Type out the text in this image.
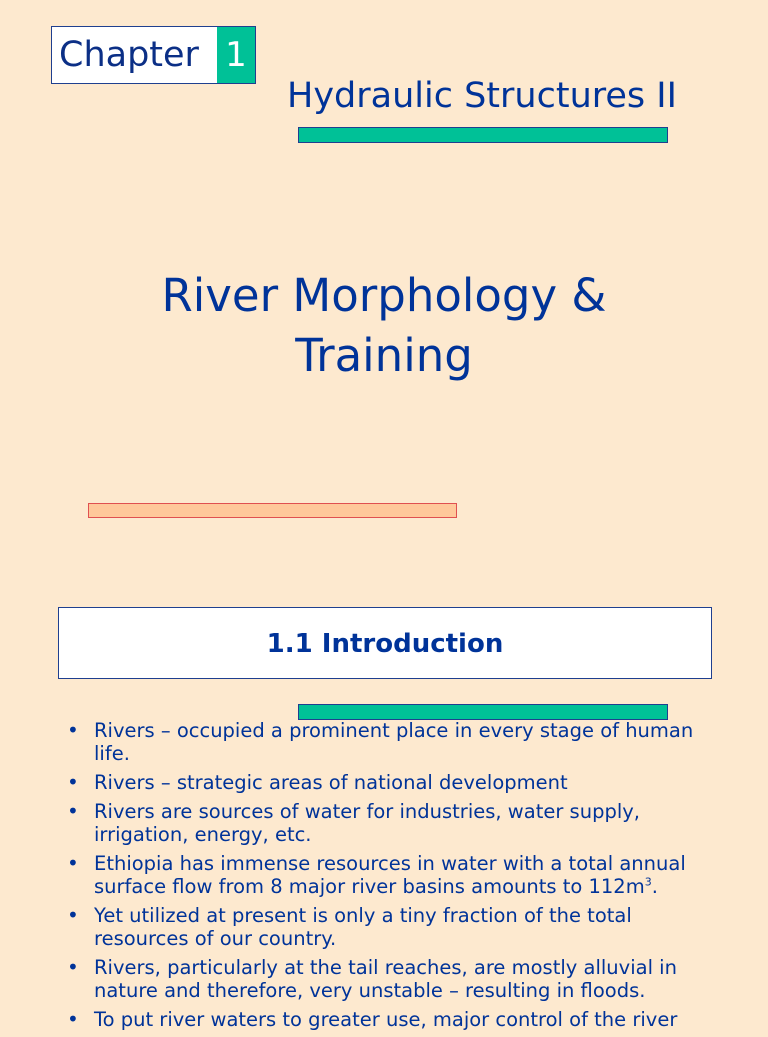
Chapter 1
Hydraulic Structures II
River Morphology &
Training
1.1 Introduction
• Rivers – occupied a prominent place in every stage of human life.
• Rivers – strategic areas of national development
• Rivers are sources of water for industries, water supply, irrigation, energy, etc.
• Ethiopia has immense resources in water with a total annual surface flow from 8 major river basins amounts to $112m^3$.
• Yet utilized at present is only a tiny fraction of the total resources of our country.
• Rivers, particularly at the tail reaches, are mostly alluvial in nature and therefore, very unstable – resulting in floods.
• To put river waters to greater use, major control of the river
